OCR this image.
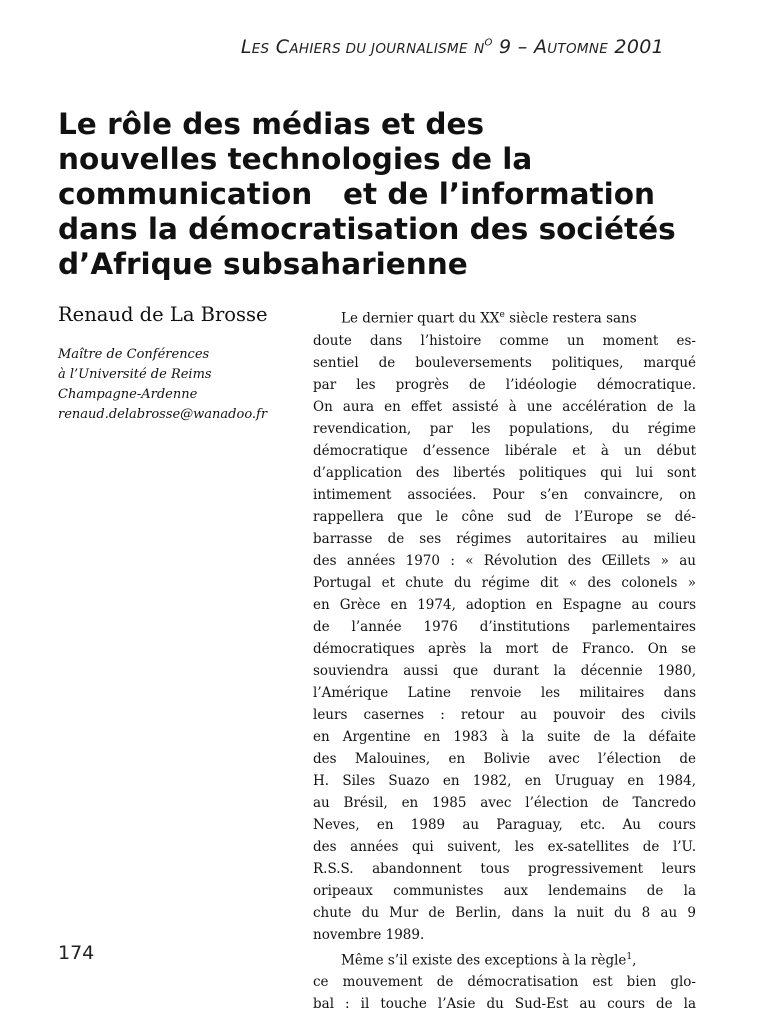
LES CAHIERS DU JOURNALISME $N^O$ 9 – AUTOMNE 2001
Le rôle des médias et des
nouvelles technologies de la
communication   et de l’information
dans la démocratisation des sociétés
d’Afrique subsaharienne
Renaud de La Brosse
Maître de Conférences
à l’Université de Reims
Champagne-Ardenne
renaud.delabrosse@wanadoo.fr
Le dernier quart du XXe siècle restera sans
doute dans l’histoire comme un moment es-
sentiel de bouleversements politiques, marqué
par les progrès de l’idéologie démocratique.
On aura en effet assisté à une accélération de la
revendication, par les populations, du régime
démocratique d’essence libérale et à un début
d’application des libertés politiques qui lui sont
intimement associées. Pour s’en convaincre, on
rappellera que le cône sud de l’Europe se dé-
barrasse de ses régimes autoritaires au milieu
des années 1970 : « Révolution des Œillets » au
Portugal et chute du régime dit « des colonels »
en Grèce en 1974, adoption en Espagne au cours
de l’année 1976 d’institutions parlementaires
démocratiques après la mort de Franco. On se
souviendra aussi que durant la décennie 1980,
l’Amérique Latine renvoie les militaires dans
leurs casernes : retour au pouvoir des civils
en Argentine en 1983 à la suite de la défaite
des Malouines, en Bolivie avec l’élection de
H. Siles Suazo en 1982, en Uruguay en 1984,
au Brésil, en 1985 avec l’élection de Tancredo
Neves, en 1989 au Paraguay, etc. Au cours
des années qui suivent, les ex-satellites de l’U.
R.S.S. abandonnent tous progressivement leurs
oripeaux communistes aux lendemains de la
chute du Mur de Berlin, dans la nuit du 8 au 9
novembre 1989.
Même s’il existe des exceptions à la règle$^1$,
ce mouvement de démocratisation est bien glo-
bal : il touche l’Asie du Sud-Est au cours de la
174
